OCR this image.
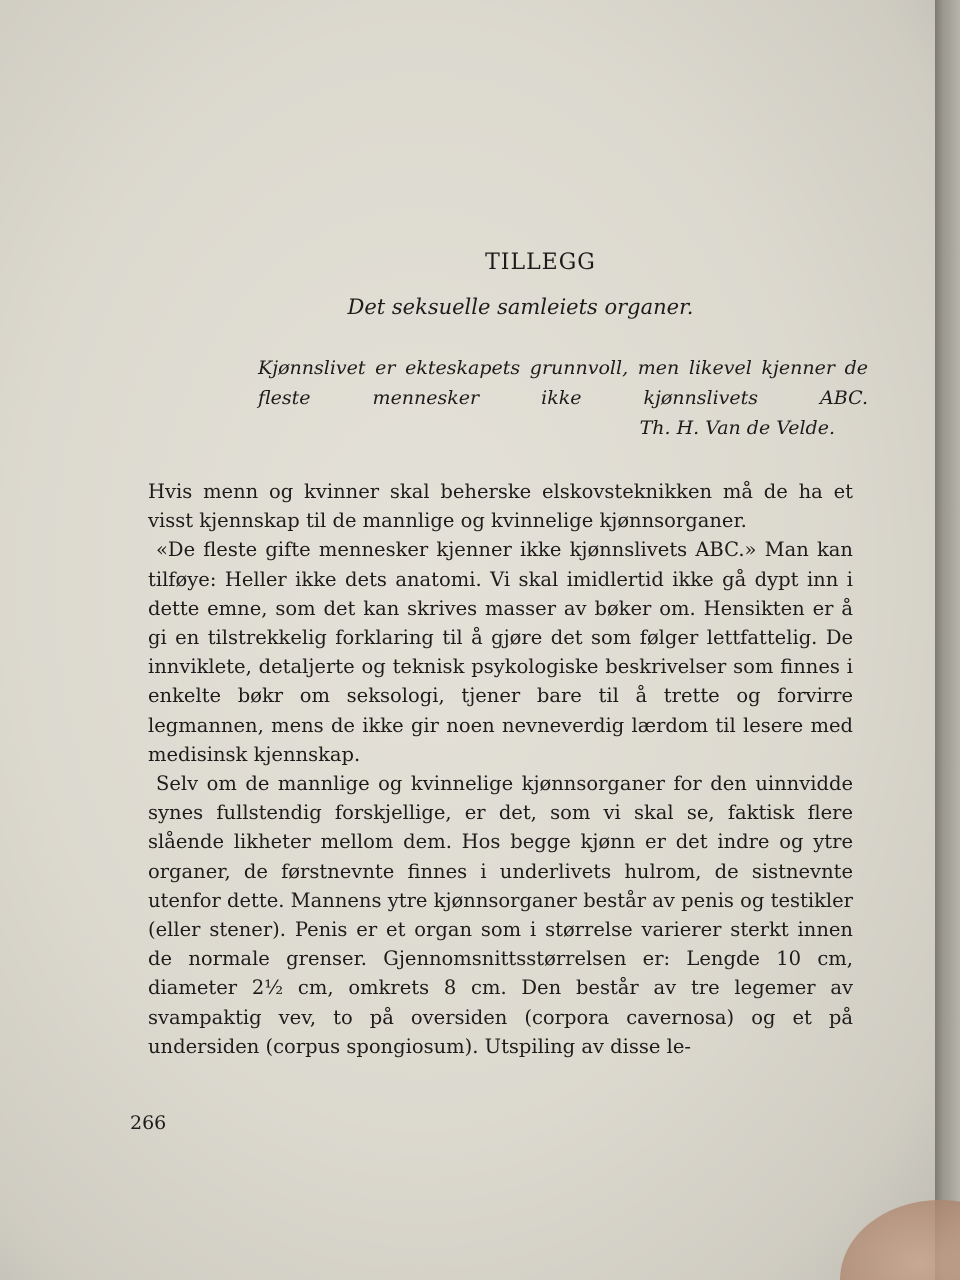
TILLEGG
Det seksuelle samleiets organer.
Kjønnslivet er ekteskapets grunnvoll, men likevel kjenner de fleste mennesker ikke kjønnslivets ABC.
Th. H. Van de Velde.

Hvis menn og kvinner skal beherske elskovsteknikken må de ha et visst kjennskap til de mannlige og kvinnelige kjønnsorganer.

«De fleste gifte mennesker kjenner ikke kjønnslivets ABC.» Man kan tilføye: Heller ikke dets anatomi. Vi skal imidlertid ikke gå dypt inn i dette emne, som det kan skrives masser av bøker om. Hensikten er å gi en tilstrekkelig forklaring til å gjøre det som følger lettfattelig. De innviklete, detaljerte og teknisk psykologiske beskrivelser som finnes i enkelte bøkr om seksologi, tjener bare til å trette og forvirre legmannen, mens de ikke gir noen nevneverdig lærdom til lesere med medisinsk kjennskap.

Selv om de mannlige og kvinnelige kjønnsorganer for den uinnvidde synes fullstendig forskjellige, er det, som vi skal se, faktisk flere slående likheter mellom dem. Hos begge kjønn er det indre og ytre organer, de førstnevnte finnes i underlivets hulrom, de sistnevnte utenfor dette. Mannens ytre kjønnsorganer består av penis og testikler (eller stener). Penis er et organ som i størrelse varierer sterkt innen de normale grenser. Gjennomsnittsstørrelsen er: Lengde 10 cm, diameter 2½ cm, omkrets 8 cm. Den består av tre legemer av svampaktig vev, to på oversiden (corpora cavernosa) og et på undersiden (corpus spongiosum). Utspiling av disse le-

266
